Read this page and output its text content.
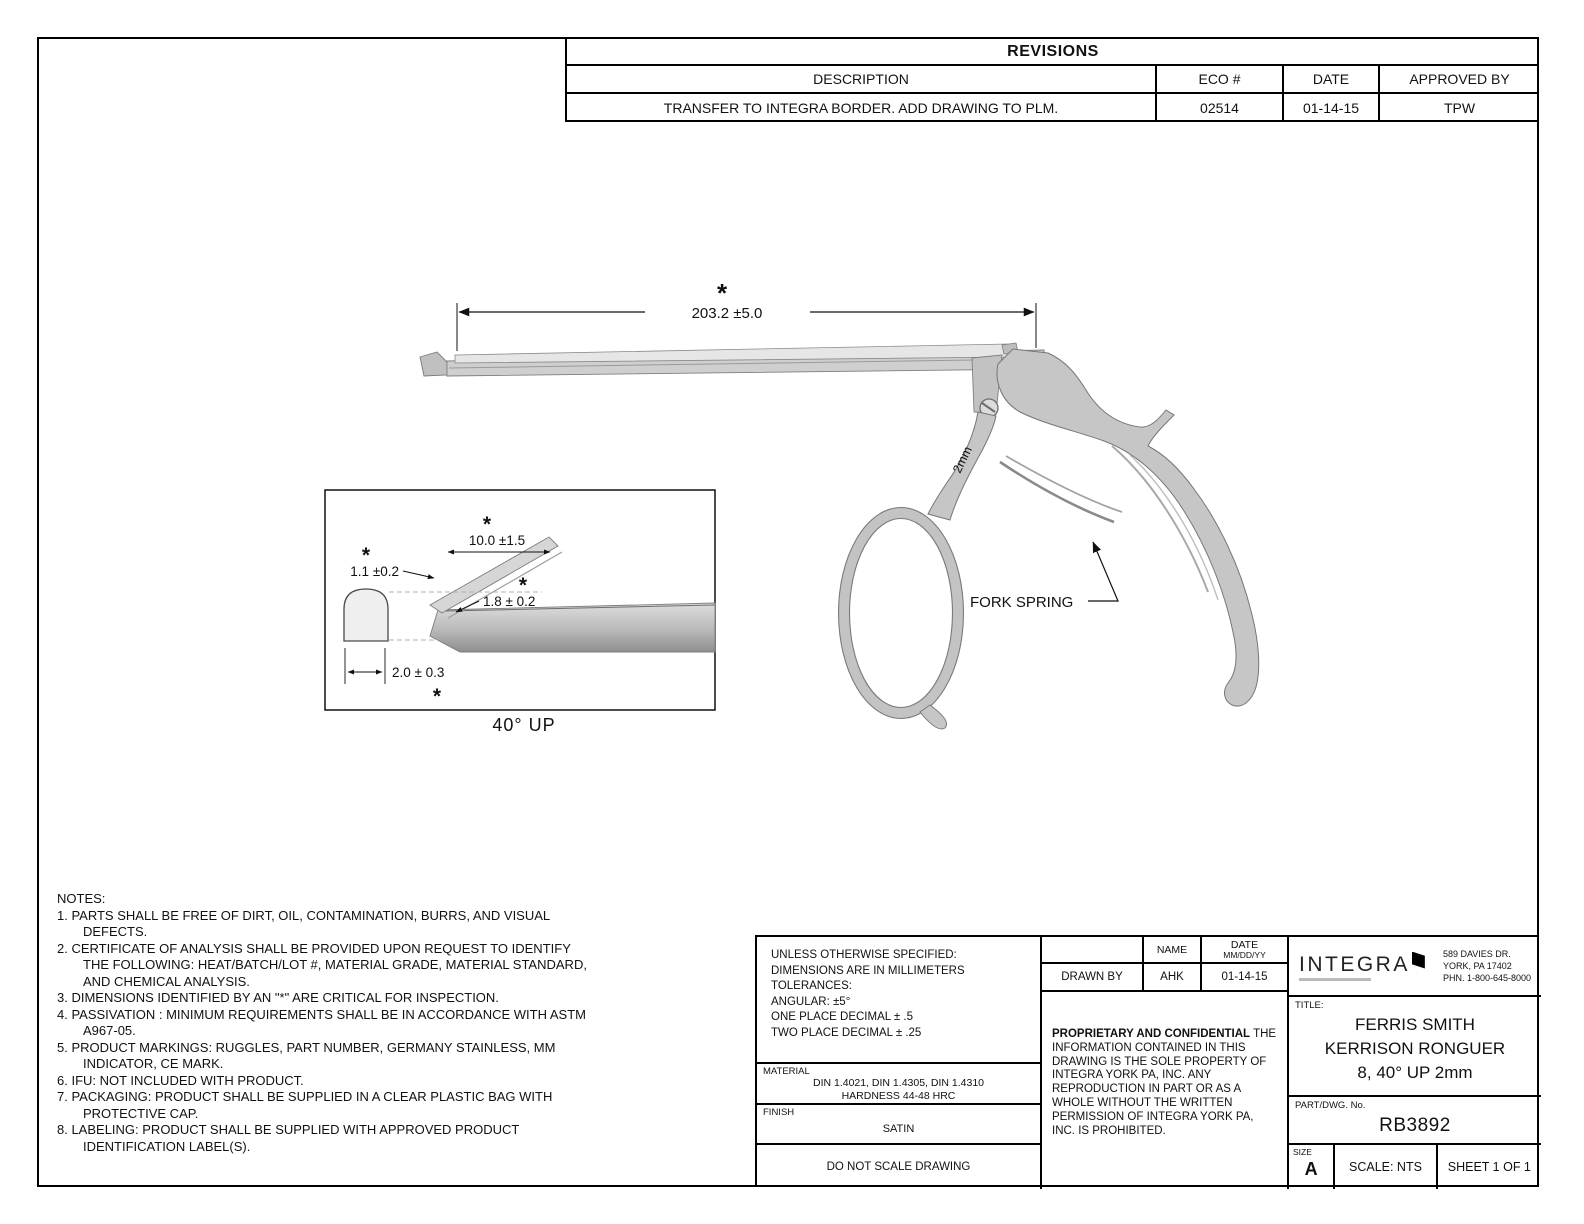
2mm
*
203.2 ±5.0
FORK SPRING
*
10.0 ±1.5
*
1.1 ±0.2
*
1.8 ± 0.2
2.0 ± 0.3
*
40° UP
REVISIONS
DESCRIPTION	ECO #	DATE	APPROVED BY
TRANSFER TO INTEGRA BORDER. ADD DRAWING TO PLM.	02514	01-14-15	TPW
NOTES:
1. PARTS SHALL BE FREE OF DIRT, OIL, CONTAMINATION, BURRS, AND VISUAL DEFECTS.
2. CERTIFICATE OF ANALYSIS SHALL BE PROVIDED UPON REQUEST TO IDENTIFY THE FOLLOWING: HEAT/BATCH/LOT #, MATERIAL GRADE, MATERIAL STANDARD, AND CHEMICAL ANALYSIS.
3. DIMENSIONS IDENTIFIED BY AN "*" ARE CRITICAL FOR INSPECTION.
4. PASSIVATION : MINIMUM REQUIREMENTS SHALL BE IN ACCORDANCE WITH ASTM A967-05.
5. PRODUCT MARKINGS: RUGGLES, PART NUMBER, GERMANY STAINLESS, MM INDICATOR, CE MARK.
6. IFU: NOT INCLUDED WITH PRODUCT.
7. PACKAGING: PRODUCT SHALL BE SUPPLIED IN A CLEAR PLASTIC BAG WITH PROTECTIVE CAP.
8. LABELING: PRODUCT SHALL BE SUPPLIED WITH APPROVED PRODUCT IDENTIFICATION LABEL(S).
UNLESS OTHERWISE SPECIFIED:
DIMENSIONS ARE IN MILLIMETERS
TOLERANCES:
ANGULAR: ±5°
ONE PLACE DECIMAL ± .5
TWO PLACE DECIMAL ± .25
MATERIAL
DIN 1.4021, DIN 1.4305, DIN 1.4310
HARDNESS 44-48 HRC
FINISH
SATIN
DO NOT SCALE DRAWING
NAME	DATE
MM/DD/YY
DRAWN BY	AHK	01-14-15
PROPRIETARY AND CONFIDENTIAL THE INFORMATION CONTAINED IN THIS DRAWING IS THE SOLE PROPERTY OF INTEGRA YORK PA, INC. ANY REPRODUCTION IN PART OR AS A WHOLE WITHOUT THE WRITTEN PERMISSION OF INTEGRA YORK PA, INC. IS PROHIBITED.
INTEGRA	589 DAVIES DR.
YORK, PA 17402
PHN. 1-800-645-8000
TITLE:
FERRIS SMITH
KERRISON RONGUER
8, 40° UP 2mm
PART/DWG. No.
RB3892
SIZE
A	SCALE: NTS	SHEET 1 OF 1
